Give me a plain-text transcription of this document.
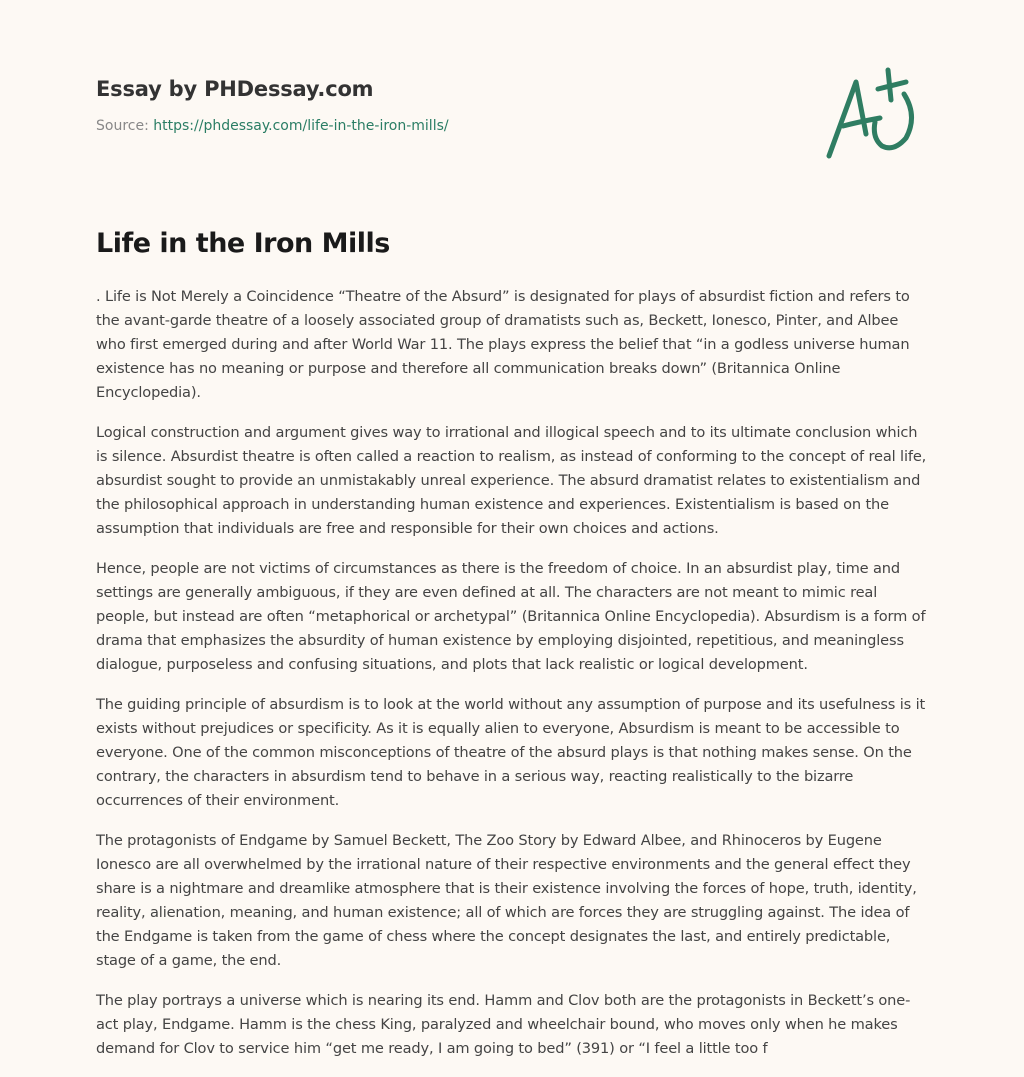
Essay by PHDessay.com
Source: https://phdessay.com/life-in-the-iron-mills/
Life in the Iron Mills

. Life is Not Merely a Coincidence “Theatre of the Absurd” is designated for plays of absurdist fiction and refers to the avant-garde theatre of a loosely associated group of dramatists such as, Beckett, Ionesco, Pinter, and Albee who first emerged during and after World War 11. The plays express the belief that “in a godless universe human existence has no meaning or purpose and therefore all communication breaks down” (Britannica Online Encyclopedia).

Logical construction and argument gives way to irrational and illogical speech and to its ultimate conclusion which is silence. Absurdist theatre is often called a reaction to realism, as instead of conforming to the concept of real life, absurdist sought to provide an unmistakably unreal experience. The absurd dramatist relates to existentialism and the philosophical approach in understanding human existence and experiences. Existentialism is based on the assumption that individuals are free and responsible for their own choices and actions.

Hence, people are not victims of circumstances as there is the freedom of choice. In an absurdist play, time and settings are generally ambiguous, if they are even defined at all. The characters are not meant to mimic real people, but instead are often “metaphorical or archetypal” (Britannica Online Encyclopedia). Absurdism is a form of drama that emphasizes the absurdity of human existence by employing disjointed, repetitious, and meaningless dialogue, purposeless and confusing situations, and plots that lack realistic or logical development.

The guiding principle of absurdism is to look at the world without any assumption of purpose and its usefulness is it exists without prejudices or specificity. As it is equally alien to everyone, Absurdism is meant to be accessible to everyone. One of the common misconceptions of theatre of the absurd plays is that nothing makes sense. On the contrary, the characters in absurdism tend to behave in a serious way, reacting realistically to the bizarre occurrences of their environment.

The protagonists of Endgame by Samuel Beckett, The Zoo Story by Edward Albee, and Rhinoceros by Eugene Ionesco are all overwhelmed by the irrational nature of their respective environments and the general effect they share is a nightmare and dreamlike atmosphere that is their existence involving the forces of hope, truth, identity, reality, alienation, meaning, and human existence; all of which are forces they are struggling against. The idea of the Endgame is taken from the game of chess where the concept designates the last, and entirely predictable, stage of a game, the end.

The play portrays a universe which is nearing its end. Hamm and Clov both are the protagonists in Beckett’s one-act play, Endgame. Hamm is the chess King, paralyzed and wheelchair bound, who moves only when he makes demand for Clov to service him “get me ready, I am going to bed” (391) or “I feel a little too f
